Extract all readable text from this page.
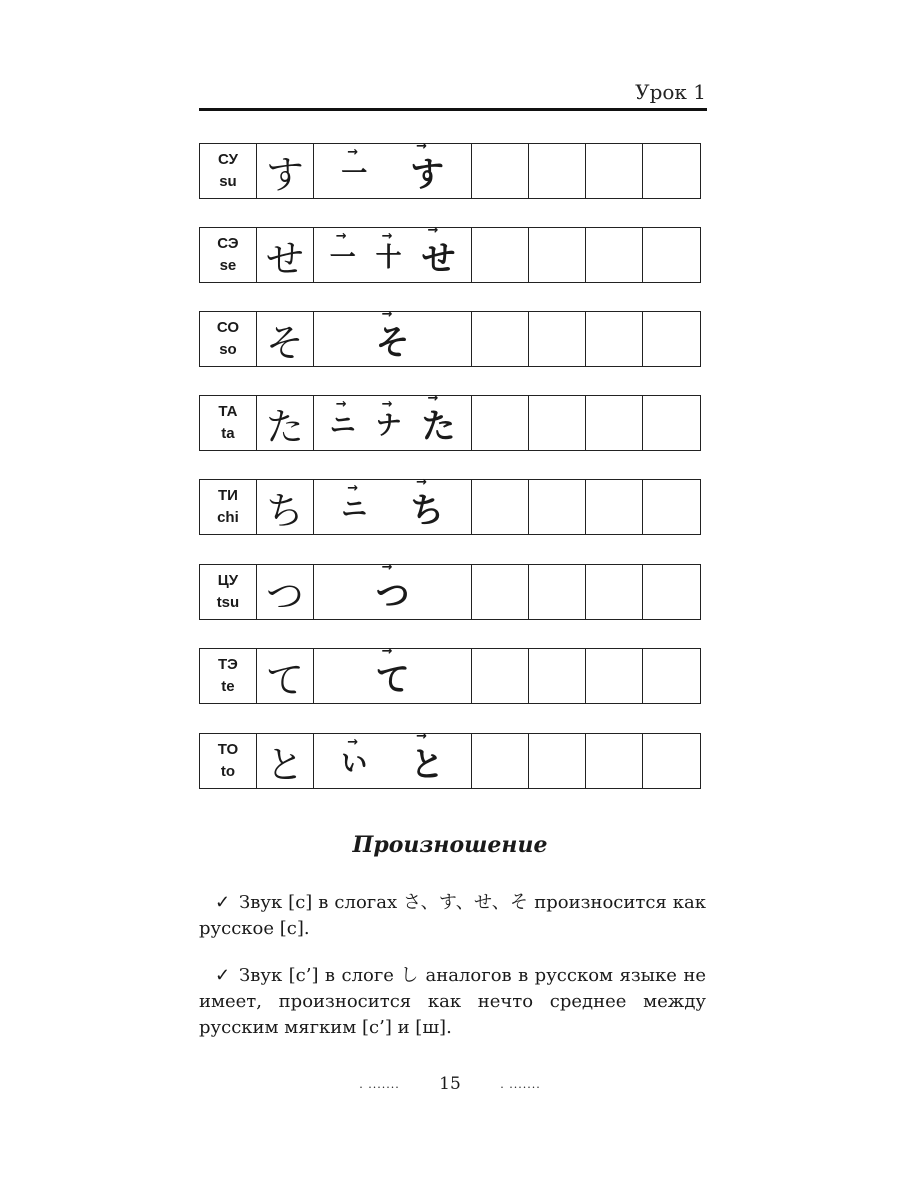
Урок 1
СУ
su す
→
一
→
す
СЭ
se せ
→
一
→
十
→
せ
СО
so そ
→
そ
ТА
ta た
→
ニ
→
ナ
→
た
ТИ
chi ち
→
ニ
→
ち
ЦУ
tsu つ
→
つ
ТЭ
te て
→
て
ТО
to と
→
い
→
と
Произношение
✓ Звук [с] в слогах さ、す、せ、そ произносится как русское [с].
✓ Звук [с’] в слоге し аналогов в русском языке не имеет, произносится как нечто среднее между русским мягким [с’] и [ш].
. ....... 15	. .......
